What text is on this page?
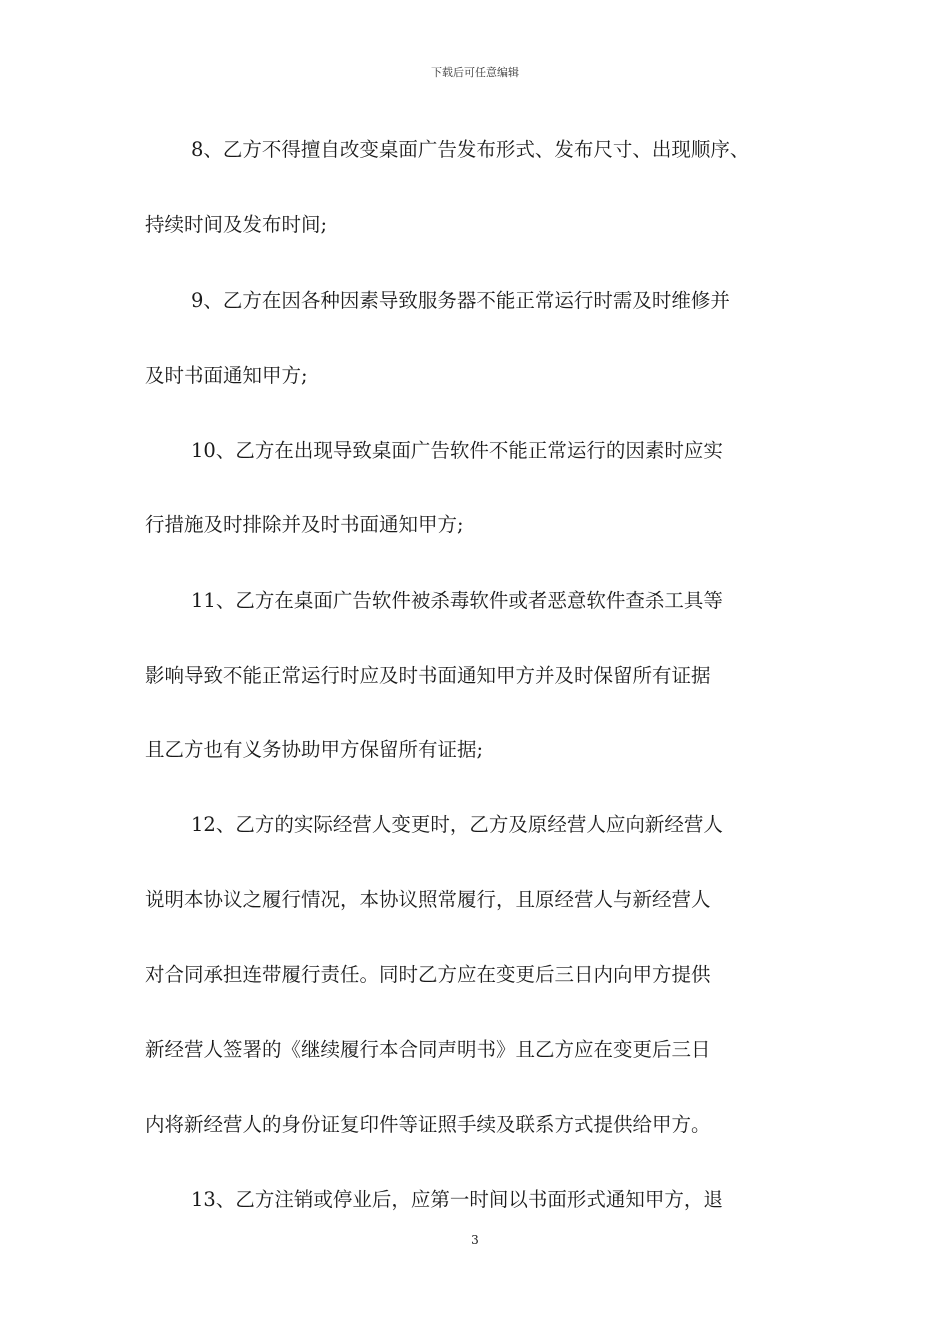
下载后可任意编辑
8、乙方不得擅自改变桌面广告发布形式、发布尺寸、出现顺序、
持续时间及发布时间;
9、乙方在因各种因素导致服务器不能正常运行时需及时维修并
及时书面通知甲方;
10、乙方在出现导致桌面广告软件不能正常运行的因素时应实
行措施及时排除并及时书面通知甲方;
11、乙方在桌面广告软件被杀毒软件或者恶意软件查杀工具等
影响导致不能正常运行时应及时书面通知甲方并及时保留所有证据
且乙方也有义务协助甲方保留所有证据;
12、乙方的实际经营人变更时，乙方及原经营人应向新经营人
说明本协议之履行情况，本协议照常履行，且原经营人与新经营人
对合同承担连带履行责任。同时乙方应在变更后三日内向甲方提供
新经营人签署的《继续履行本合同声明书》且乙方应在变更后三日
内将新经营人的身份证复印件等证照手续及联系方式提供给甲方。
13、乙方注销或停业后，应第一时间以书面形式通知甲方，退
3
